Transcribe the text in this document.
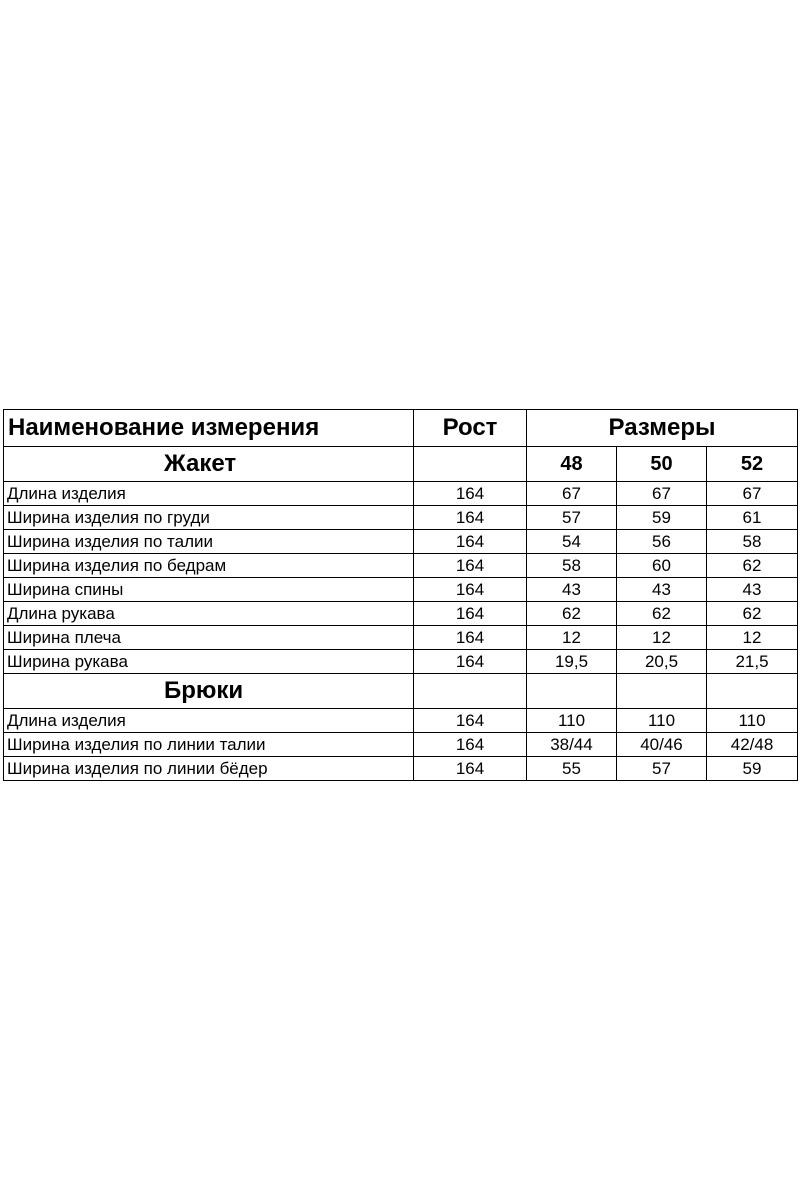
Наименование измерения	Рост	Размеры		
Жакет		48	50	52
Длина изделия	164	67	67	67
Ширина изделия по груди	164	57	59	61
Ширина изделия по талии	164	54	56	58
Ширина изделия по бедрам	164	58	60	62
Ширина спины	164	43	43	43
Длина рукава	164	62	62	62
Ширина плеча	164	12	12	12
Ширина рукава	164	19,5	20,5	21,5
Брюки				
Длина изделия	164	110	110	110
Ширина изделия по линии талии	164	38/44	40/46	42/48
Ширина изделия по линии бёдер	164	55	57	59
